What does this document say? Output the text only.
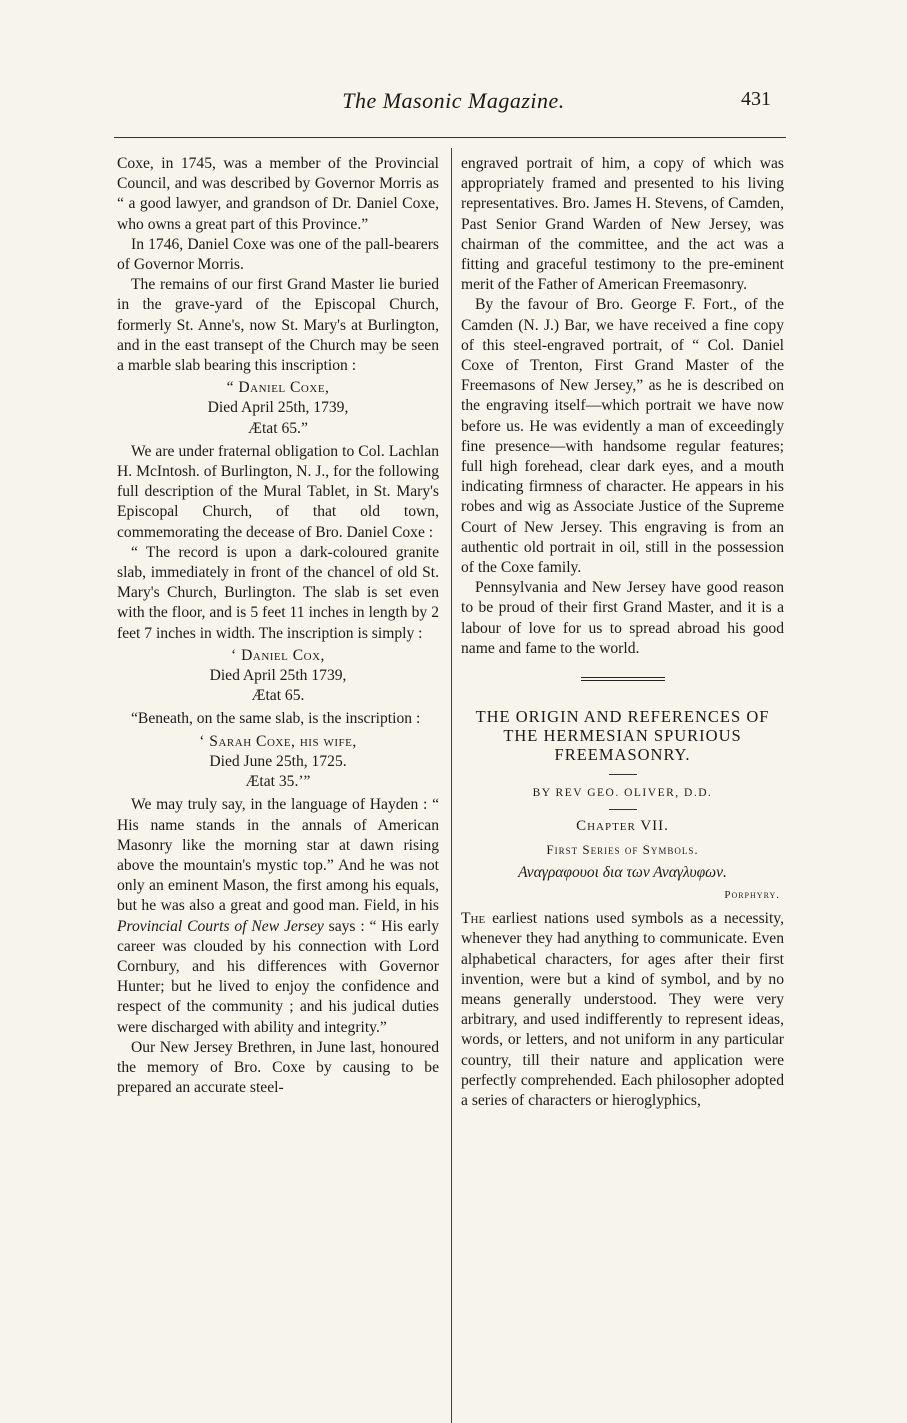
The Masonic Magazine.	431

Coxe, in 1745, was a member of the Provincial Council, and was described by Governor Morris as “ a good lawyer, and grandson of Dr. Daniel Coxe, who owns a great part of this Province.”

In 1746, Daniel Coxe was one of the pall-bearers of Governor Morris.

The remains of our first Grand Master lie buried in the grave-yard of the Episcopal Church, formerly St. Anne's, now St. Mary's at Burlington, and in the east transept of the Church may be seen a marble slab bearing this inscription :

“ Daniel Coxe,
Died April 25th, 1739,
Ætat 65.”

We are under fraternal obligation to Col. Lachlan H. McIntosh. of Burlington, N. J., for the following full description of the Mural Tablet, in St. Mary's Episcopal Church, of that old town, commemorating the decease of Bro. Daniel Coxe :

“ The record is upon a dark-coloured granite slab, immediately in front of the chancel of old St. Mary's Church, Burlington. The slab is set even with the floor, and is 5 feet 11 inches in length by 2 feet 7 inches in width. The inscription is simply :

‘ Daniel Cox,
Died April 25th 1739,
Ætat 65.

“Beneath, on the same slab, is the inscription :

‘ Sarah Coxe, his wife,
Died June 25th, 1725.
Ætat 35.’”

We may truly say, in the language of Hayden : “ His name stands in the annals of American Masonry like the morning star at dawn rising above the mountain's mystic top.” And he was not only an eminent Mason, the first among his equals, but he was also a great and good man. Field, in his Provincial Courts of New Jersey says : “ His early career was clouded by his connection with Lord Cornbury, and his differences with Governor Hunter; but he lived to enjoy the confidence and respect of the community ; and his judical duties were discharged with ability and integrity.”

Our New Jersey Brethren, in June last, honoured the memory of Bro. Coxe by causing to be prepared an accurate steel-

engraved portrait of him, a copy of which was appropriately framed and presented to his living representatives. Bro. James H. Stevens, of Camden, Past Senior Grand Warden of New Jersey, was chairman of the committee, and the act was a fitting and graceful testimony to the pre-eminent merit of the Father of American Freemasonry.

By the favour of Bro. George F. Fort., of the Camden (N. J.) Bar, we have received a fine copy of this steel-engraved portrait, of “ Col. Daniel Coxe of Trenton, First Grand Master of the Freemasons of New Jersey,” as he is described on the engraving itself—which portrait we have now before us. He was evidently a man of exceedingly fine presence—with handsome regular features; full high forehead, clear dark eyes, and a mouth indicating firmness of character. He appears in his robes and wig as Associate Justice of the Supreme Court of New Jersey. This engraving is from an authentic old portrait in oil, still in the possession of the Coxe family.

Pennsylvania and New Jersey have good reason to be proud of their first Grand Master, and it is a labour of love for us to spread abroad his good name and fame to the world.

THE ORIGIN AND REFERENCES OF THE HERMESIAN SPURIOUS FREEMASONRY.
BY REV GEO. OLIVER, D.D.
Chapter VII.
First Series of Symbols.
Αναγραφουοι δια των Αναγλυφων.
Porphyry.

The earliest nations used symbols as a necessity, whenever they had anything to communicate. Even alphabetical characters, for ages after their first invention, were but a kind of symbol, and by no means generally understood. They were very arbitrary, and used indifferently to represent ideas, words, or letters, and not uniform in any particular country, till their nature and application were perfectly comprehended. Each philosopher adopted a series of characters or hieroglyphics,
